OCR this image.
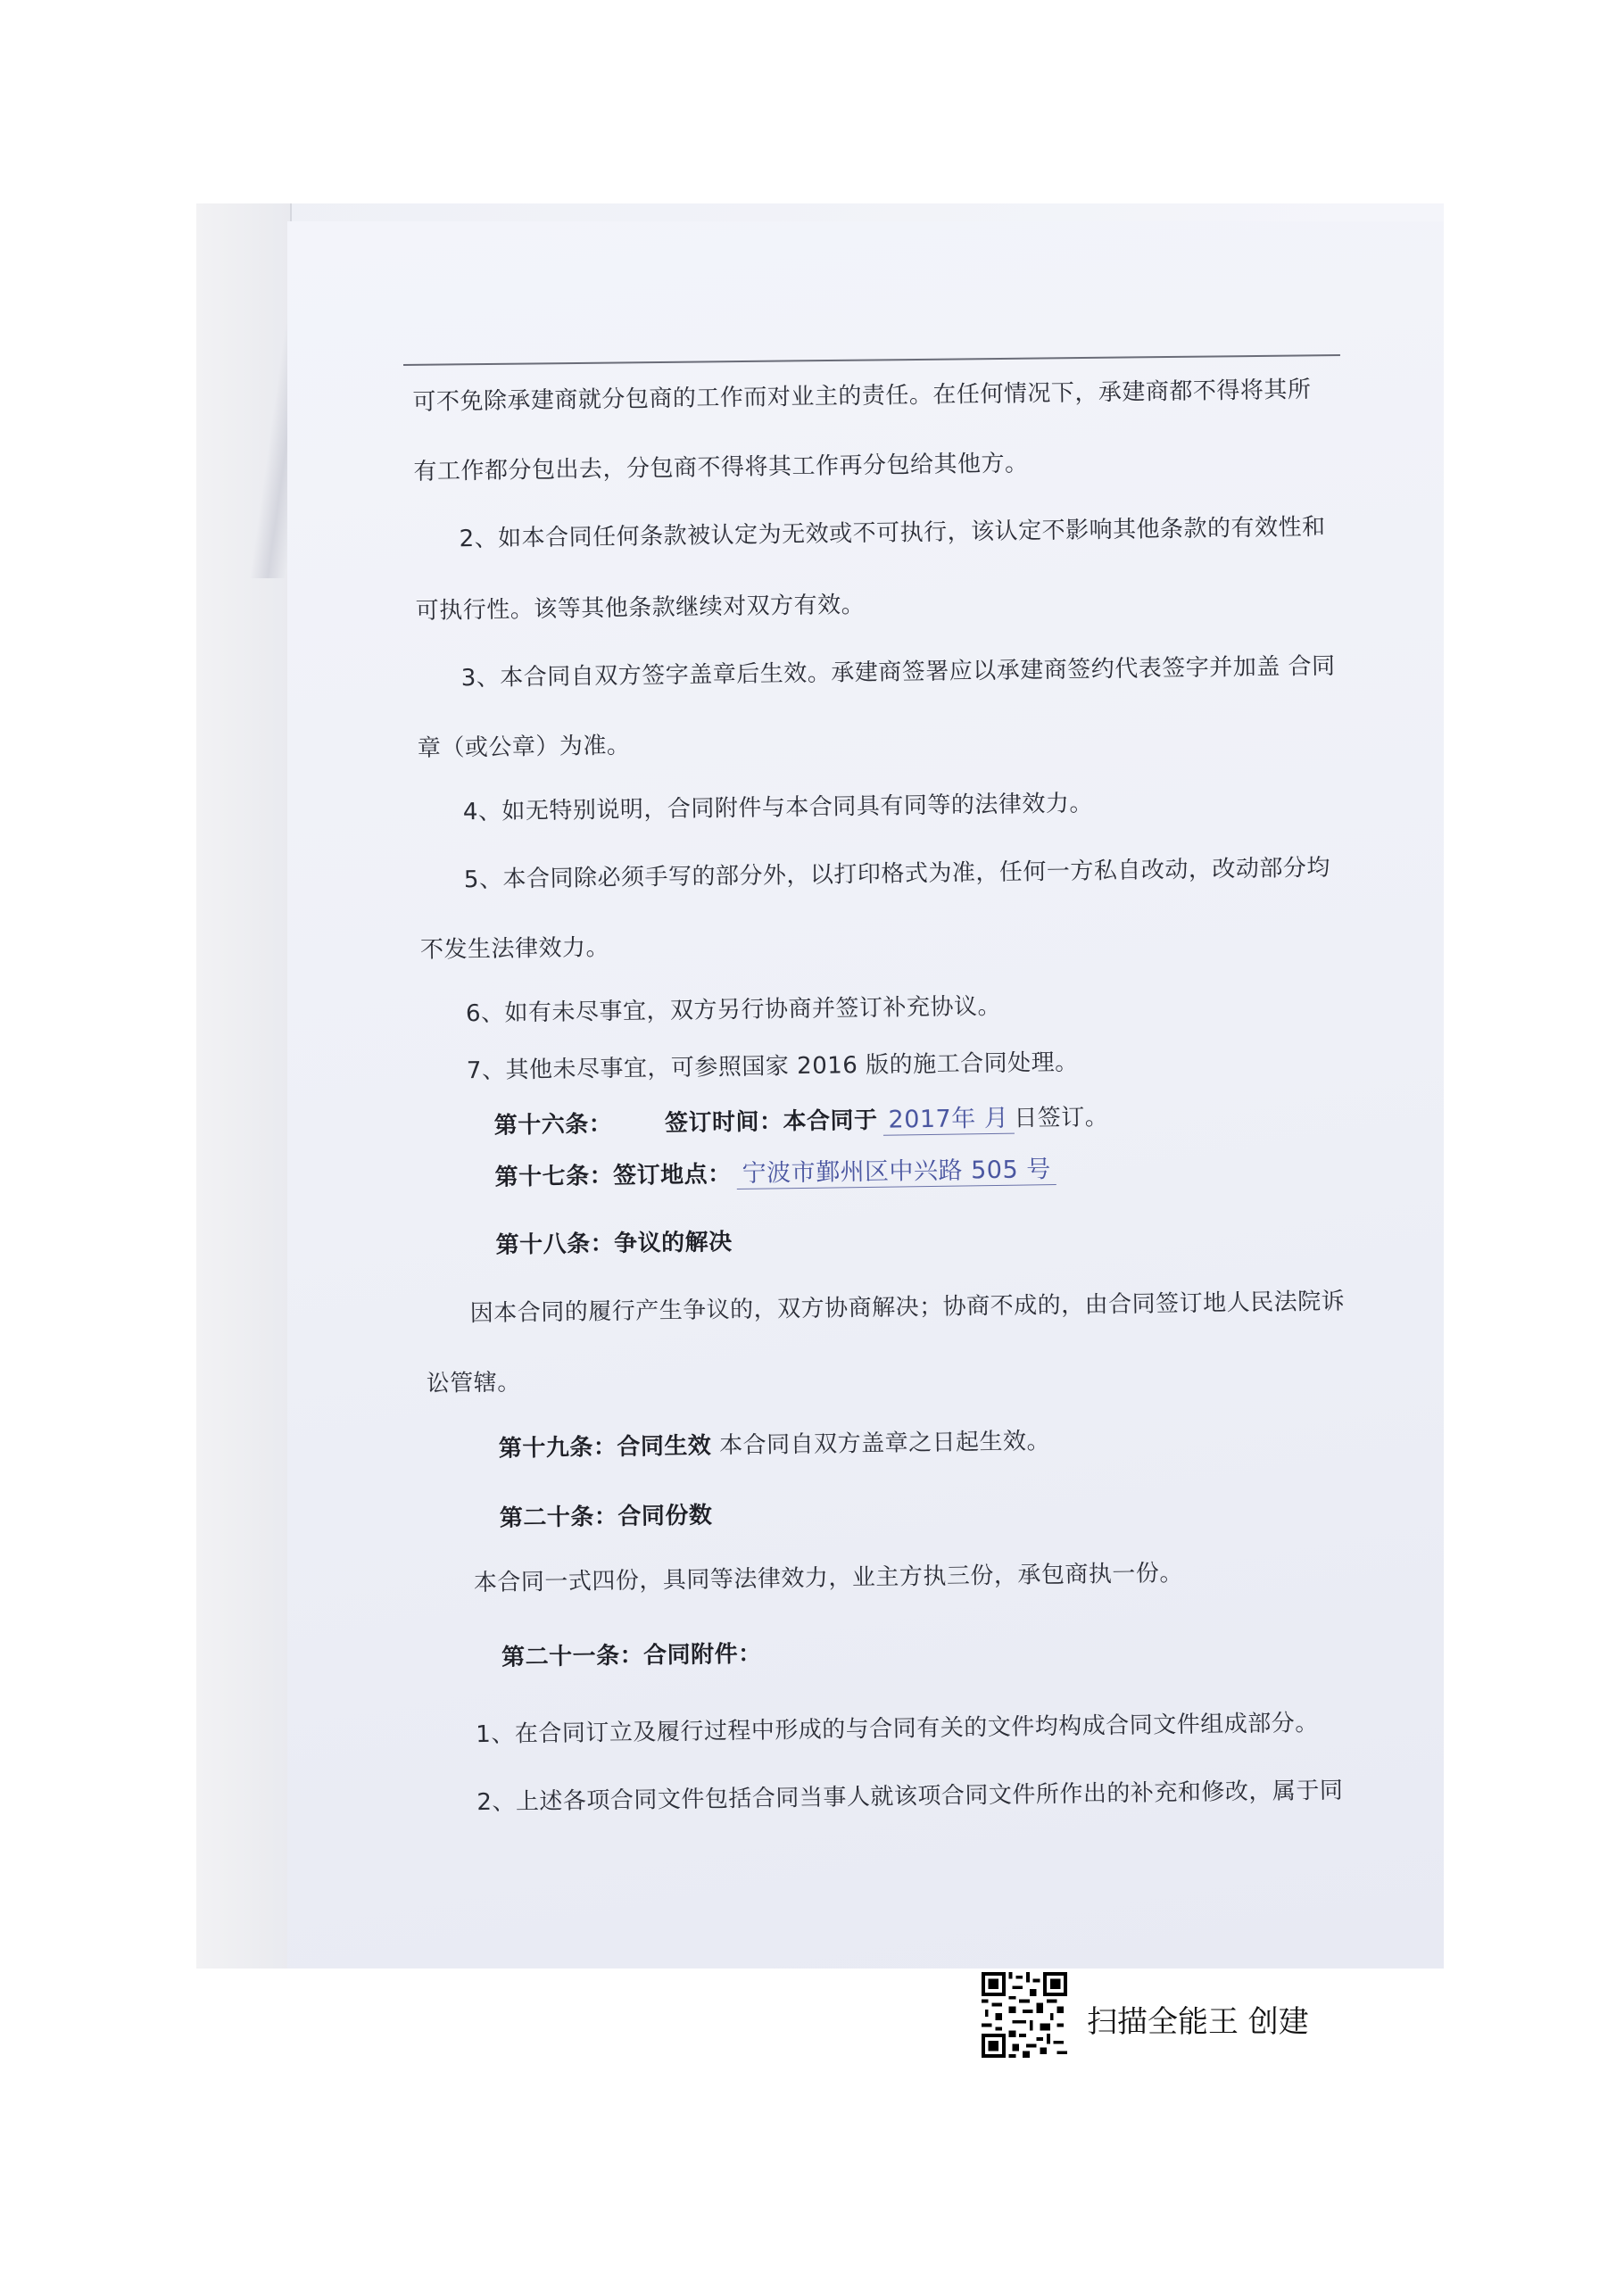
可不免除承建商就分包商的工作而对业主的责任。在任何情况下，承建商都不得将其所
有工作都分包出去，分包商不得将其工作再分包给其他方。
2、如本合同任何条款被认定为无效或不可执行，该认定不影响其他条款的有效性和
可执行性。该等其他条款继续对双方有效。
3、本合同自双方签字盖章后生效。承建商签署应以承建商签约代表签字并加盖 合同
章（或公章）为准。
4、如无特别说明，合同附件与本合同具有同等的法律效力。
5、本合同除必须手写的部分外，以打印格式为准，任何一方私自改动，改动部分均
不发生法律效力。
6、如有未尽事宜，双方另行协商并签订补充协议。
7、其他未尽事宜，可参照国家 2016 版的施工合同处理。
第十六条： 签订时间：本合同于 2017年 月 日签订。
第十七条：签订地点： 宁波市鄞州区中兴路 505 号
第十八条：争议的解决
因本合同的履行产生争议的，双方协商解决；协商不成的，由合同签订地人民法院诉
讼管辖。
第十九条：合同生效 本合同自双方盖章之日起生效。
第二十条：合同份数
本合同一式四份，具同等法律效力，业主方执三份，承包商执一份。
第二十一条：合同附件：
1、在合同订立及履行过程中形成的与合同有关的文件均构成合同文件组成部分。
2、上述各项合同文件包括合同当事人就该项合同文件所作出的补充和修改，属于同
扫描全能王 创建
